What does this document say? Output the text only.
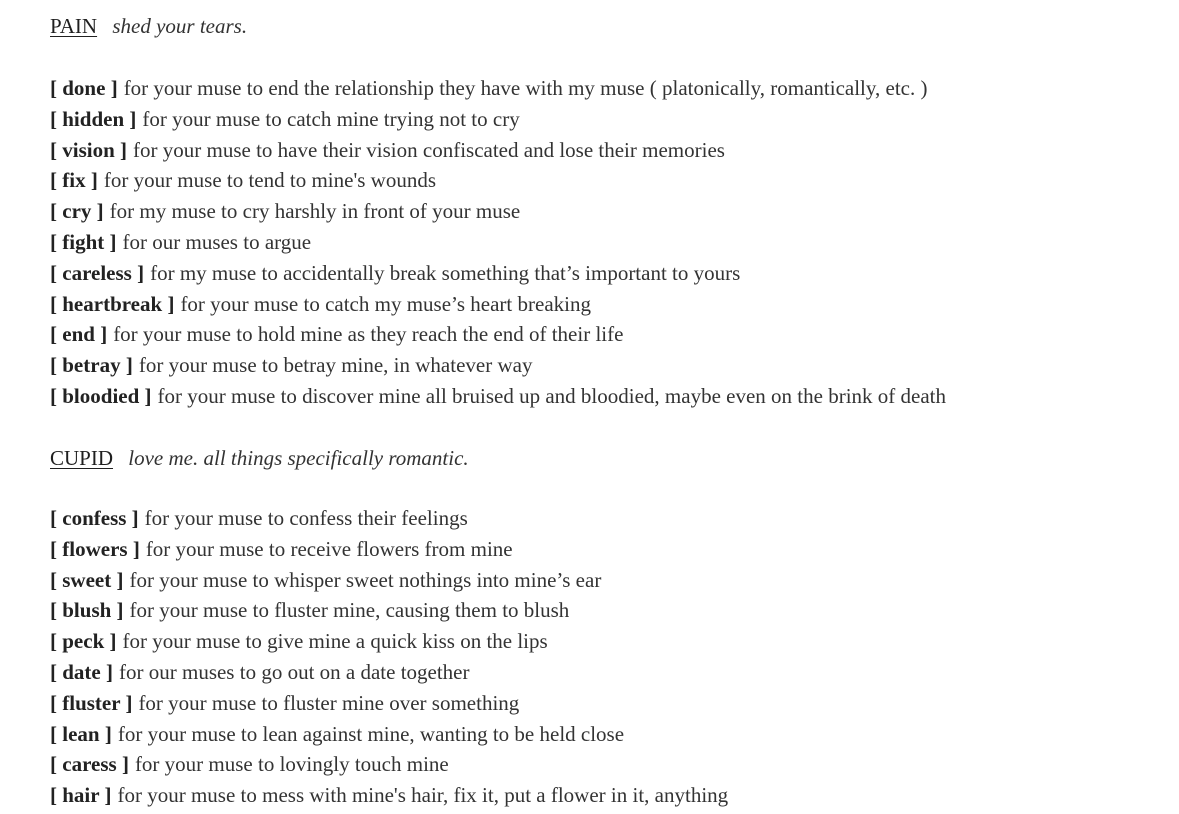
PAIN shed your tears.
[ done ] for your muse to end the relationship they have with my muse ( platonically, romantically, etc. )
[ hidden ] for your muse to catch mine trying not to cry
[ vision ] for your muse to have their vision confiscated and lose their memories
[ fix ] for your muse to tend to mine's wounds
[ cry ] for my muse to cry harshly in front of your muse
[ fight ] for our muses to argue
[ careless ] for my muse to accidentally break something that’s important to yours
[ heartbreak ] for your muse to catch my muse’s heart breaking
[ end ] for your muse to hold mine as they reach the end of their life
[ betray ] for your muse to betray mine, in whatever way
[ bloodied ] for your muse to discover mine all bruised up and bloodied, maybe even on the brink of death
CUPID love me. all things specifically romantic.
[ confess ] for your muse to confess their feelings
[ flowers ] for your muse to receive flowers from mine
[ sweet ] for your muse to whisper sweet nothings into mine’s ear
[ blush ] for your muse to fluster mine, causing them to blush
[ peck ] for your muse to give mine a quick kiss on the lips
[ date ] for our muses to go out on a date together
[ fluster ] for your muse to fluster mine over something
[ lean ] for your muse to lean against mine, wanting to be held close
[ caress ] for your muse to lovingly touch mine
[ hair ] for your muse to mess with mine's hair, fix it, put a flower in it, anything
